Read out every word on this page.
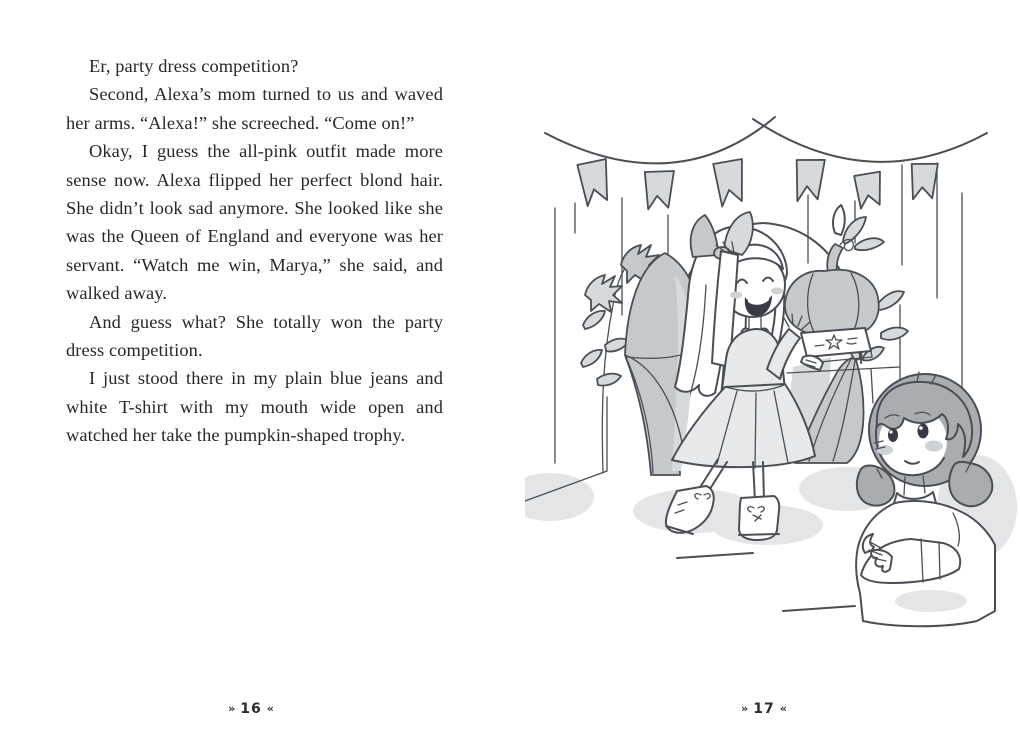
Er, party dress competition?

Second, Alexa’s mom turned to us and waved her arms. “Alexa!” she screeched. “Come on!”

Okay, I guess the all-pink outfit made more sense now. Alexa flipped her perfect blond hair. She didn’t look sad anymore. She looked like she was the Queen of England and everyone was her servant. “Watch me win, Marya,” she said, and walked away.

And guess what? She totally won the party dress competition.

I just stood there in my plain blue jeans and white T-shirt with my mouth wide open and watched her take the pumpkin-shaped trophy.

» 16 «	» 17 «
